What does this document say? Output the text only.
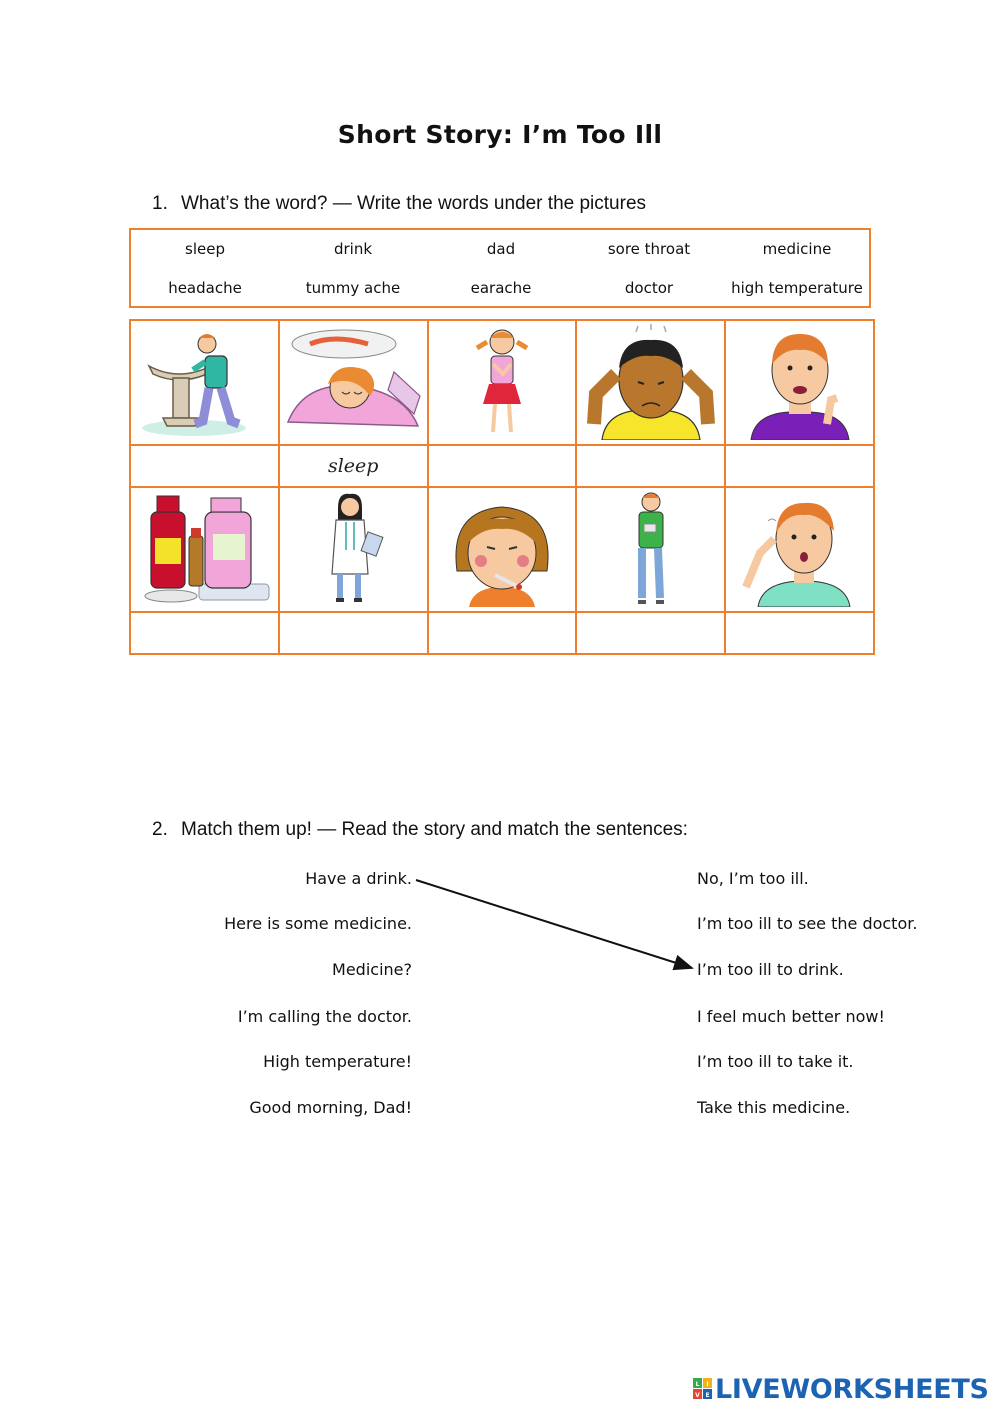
Short Story: I’m Too Ill
1. What’s the word? — Write the words under the pictures
sleep	drink	dad	sore throat	medicine
headache	tummy ache	earache	doctor	high temperature

	sleep			

2. Match them up! — Read the story and match the sentences:
Have a drink.
Here is some medicine.
Medicine?
I’m calling the doctor.
High temperature!
Good morning, Dad!
No, I’m too ill.
I’m too ill to see the doctor.
I’m too ill to drink.
I feel much better now!
I’m too ill to take it.
Take this medicine.
L I
V E LIVEWORKSHEETS
